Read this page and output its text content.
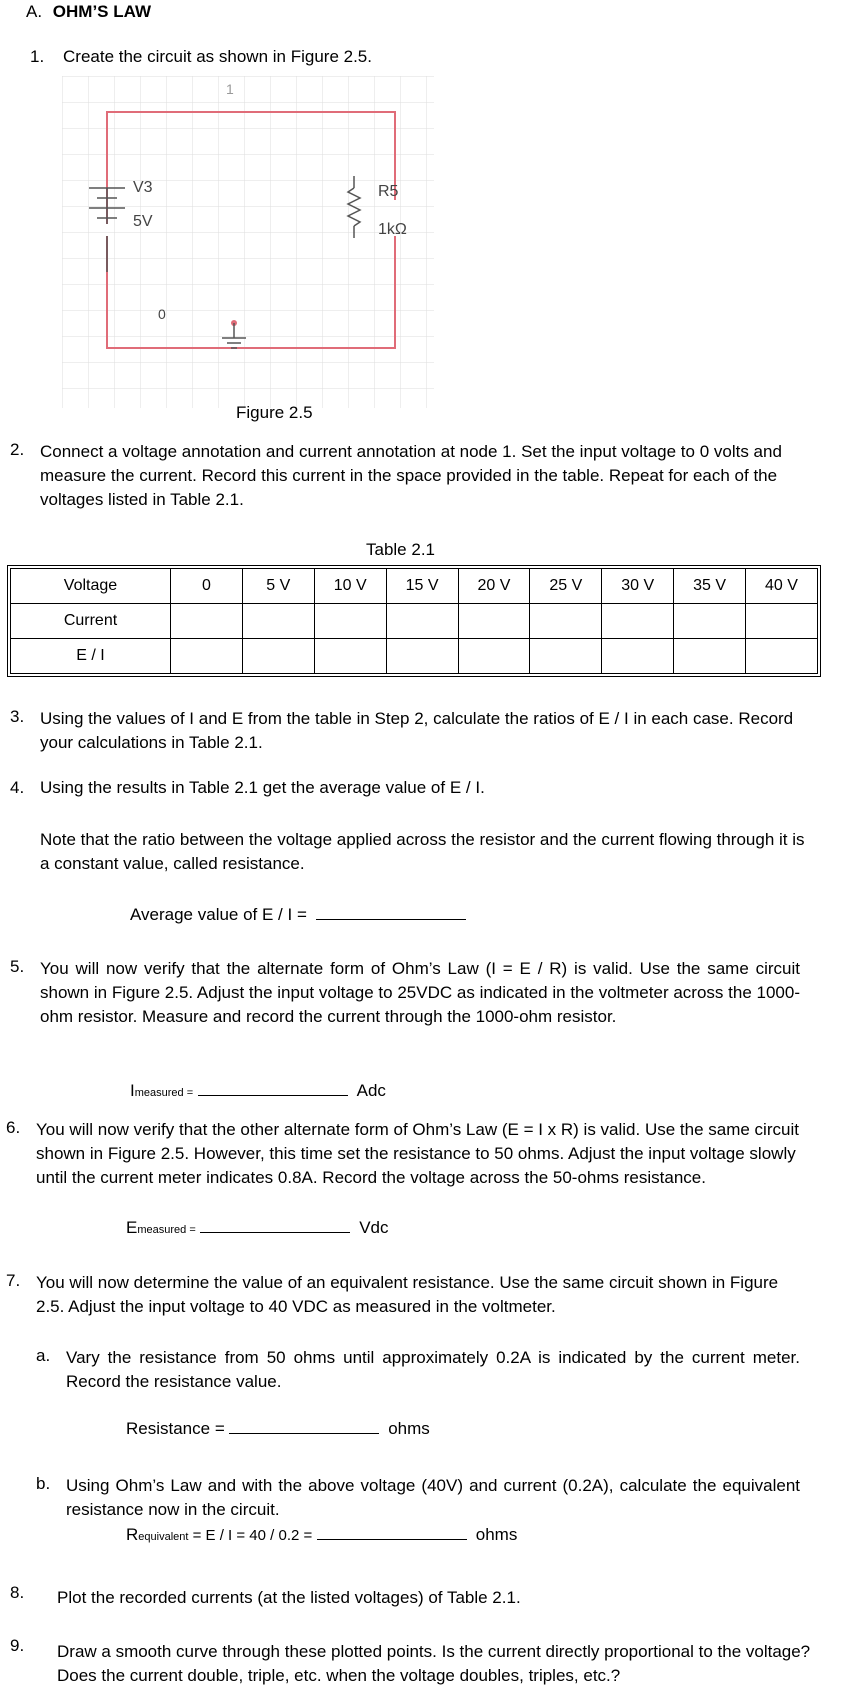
A. OHM’S LAW
1. Create the circuit as shown in Figure 2.5.
1
V3
5V
0
R5
1kΩ
Figure 2.5
2. Connect a voltage annotation and current annotation at node 1. Set the input voltage to 0 volts and measure the current. Record this current in the space provided in the table. Repeat for each of the voltages listed in Table 2.1.
Table 2.1
Voltage	0	5 V	10 V	15 V	20 V	25 V	30 V	35 V	40 V
Current									
E / I									
3. Using the values of I and E from the table in Step 2, calculate the ratios of E / I in each case. Record your calculations in Table 2.1.
4. Using the results in Table 2.1 get the average value of E / I.
Note that the ratio between the voltage applied across the resistor and the current flowing through it is a constant value, called resistance.
Average value of E / I =
5. You will now verify that the alternate form of Ohm’s Law (I = E / R) is valid. Use the same circuit shown in Figure 2.5. Adjust the input voltage to 25VDC as indicated in the voltmeter across the 1000-ohm resistor. Measure and record the current through the 1000-ohm resistor.
Imeasured =	Adc
6. You will now verify that the other alternate form of Ohm’s Law (E = I x R) is valid. Use the same circuit shown in Figure 2.5. However, this time set the resistance to 50 ohms. Adjust the input voltage slowly until the current meter indicates 0.8A. Record the voltage across the 50-ohms resistance.
Emeasured =	Vdc
7. You will now determine the value of an equivalent resistance. Use the same circuit shown in Figure 2.5. Adjust the input voltage to 40 VDC as measured in the voltmeter.
a. Vary the resistance from 50 ohms until approximately 0.2A is indicated by the current meter. Record the resistance value.
Resistance =	ohms
b. Using Ohm’s Law and with the above voltage (40V) and current (0.2A), calculate the equivalent resistance now in the circuit.
Requivalent = E / I = 40 / 0.2 =	ohms
8. Plot the recorded currents (at the listed voltages) of Table 2.1.
9. Draw a smooth curve through these plotted points. Is the current directly proportional to the voltage? Does the current double, triple, etc. when the voltage doubles, triples, etc.?
